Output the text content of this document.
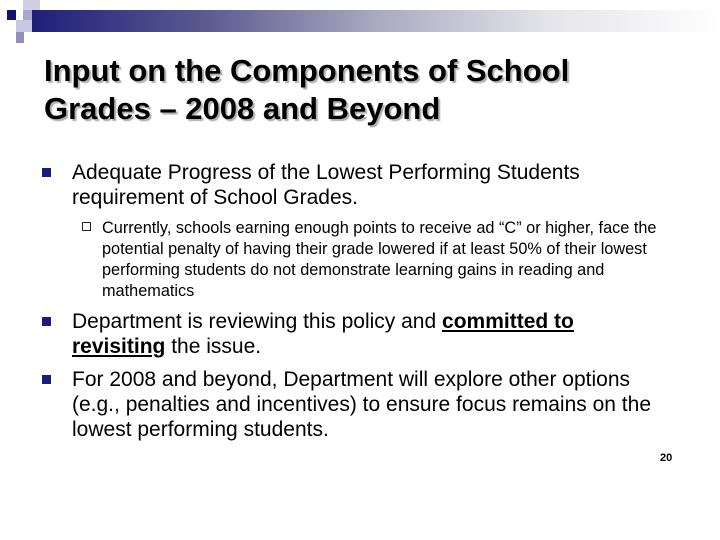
Input on the Components of School
Grades – 2008 and Beyond
Adequate Progress of the Lowest Performing Students requirement of School Grades.
Currently, schools earning enough points to receive ad “C” or higher, face the potential penalty of having their grade lowered if at least 50% of their lowest performing students do not demonstrate learning gains in reading and mathematics
Department is reviewing this policy and committed to revisiting the issue.
For 2008 and beyond, Department will explore other options (e.g., penalties and incentives) to ensure focus remains on the lowest performing students.
20
